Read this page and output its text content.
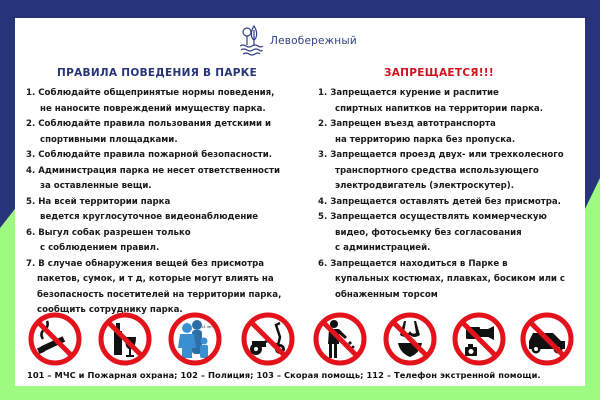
Левобережный
ПРАВИЛА ПОВЕДЕНИЯ В ПАРКЕ	ЗАПРЕЩАЕТСЯ!!!
1. Соблюдайте общепринятые нормы поведения,
не наносите повреждений имуществу парка.
2. Соблюдайте правила пользования детскими и
спортивными площадками.
3. Соблюдайте правила пожарной безопасности.
4. Администрация парка не несет ответственности
за оставленные вещи.
5. На всей территории парка
ведется круглосуточное видеонаблюдение
6. Выгул собак разрешен только
с соблюдением правил.
7. В случае обнаружения вещей без присмотра
пакетов, сумок, и т д, которые могут влиять на
безопасность посетителей на территории парка,
сообщить сотруднику парка.
1. Запрещается курение и распитие
спиртных напитков на территории парка.
2. Запрещен въезд автотранспорта
на территорию парка без пропуска.
3. Запрещается проезд двух- или трехколесного
транспортного средства использующего
электродвигатель (электроскутер).
4. Запрещается оставлять детей без присмотра.
5. Запрещается осуществлять коммерческую
видео, фотосьемку без согласования
с администрацией.
6. Запрещается находиться в Парке в
купальных костюмах, плавках, босиком или с
обнаженным торсом
14 лет
101 – МЧС и Пожарная охрана; 102 – Полиция; 103 – Скорая помощь; 112 – Телефон экстренной помощи.
